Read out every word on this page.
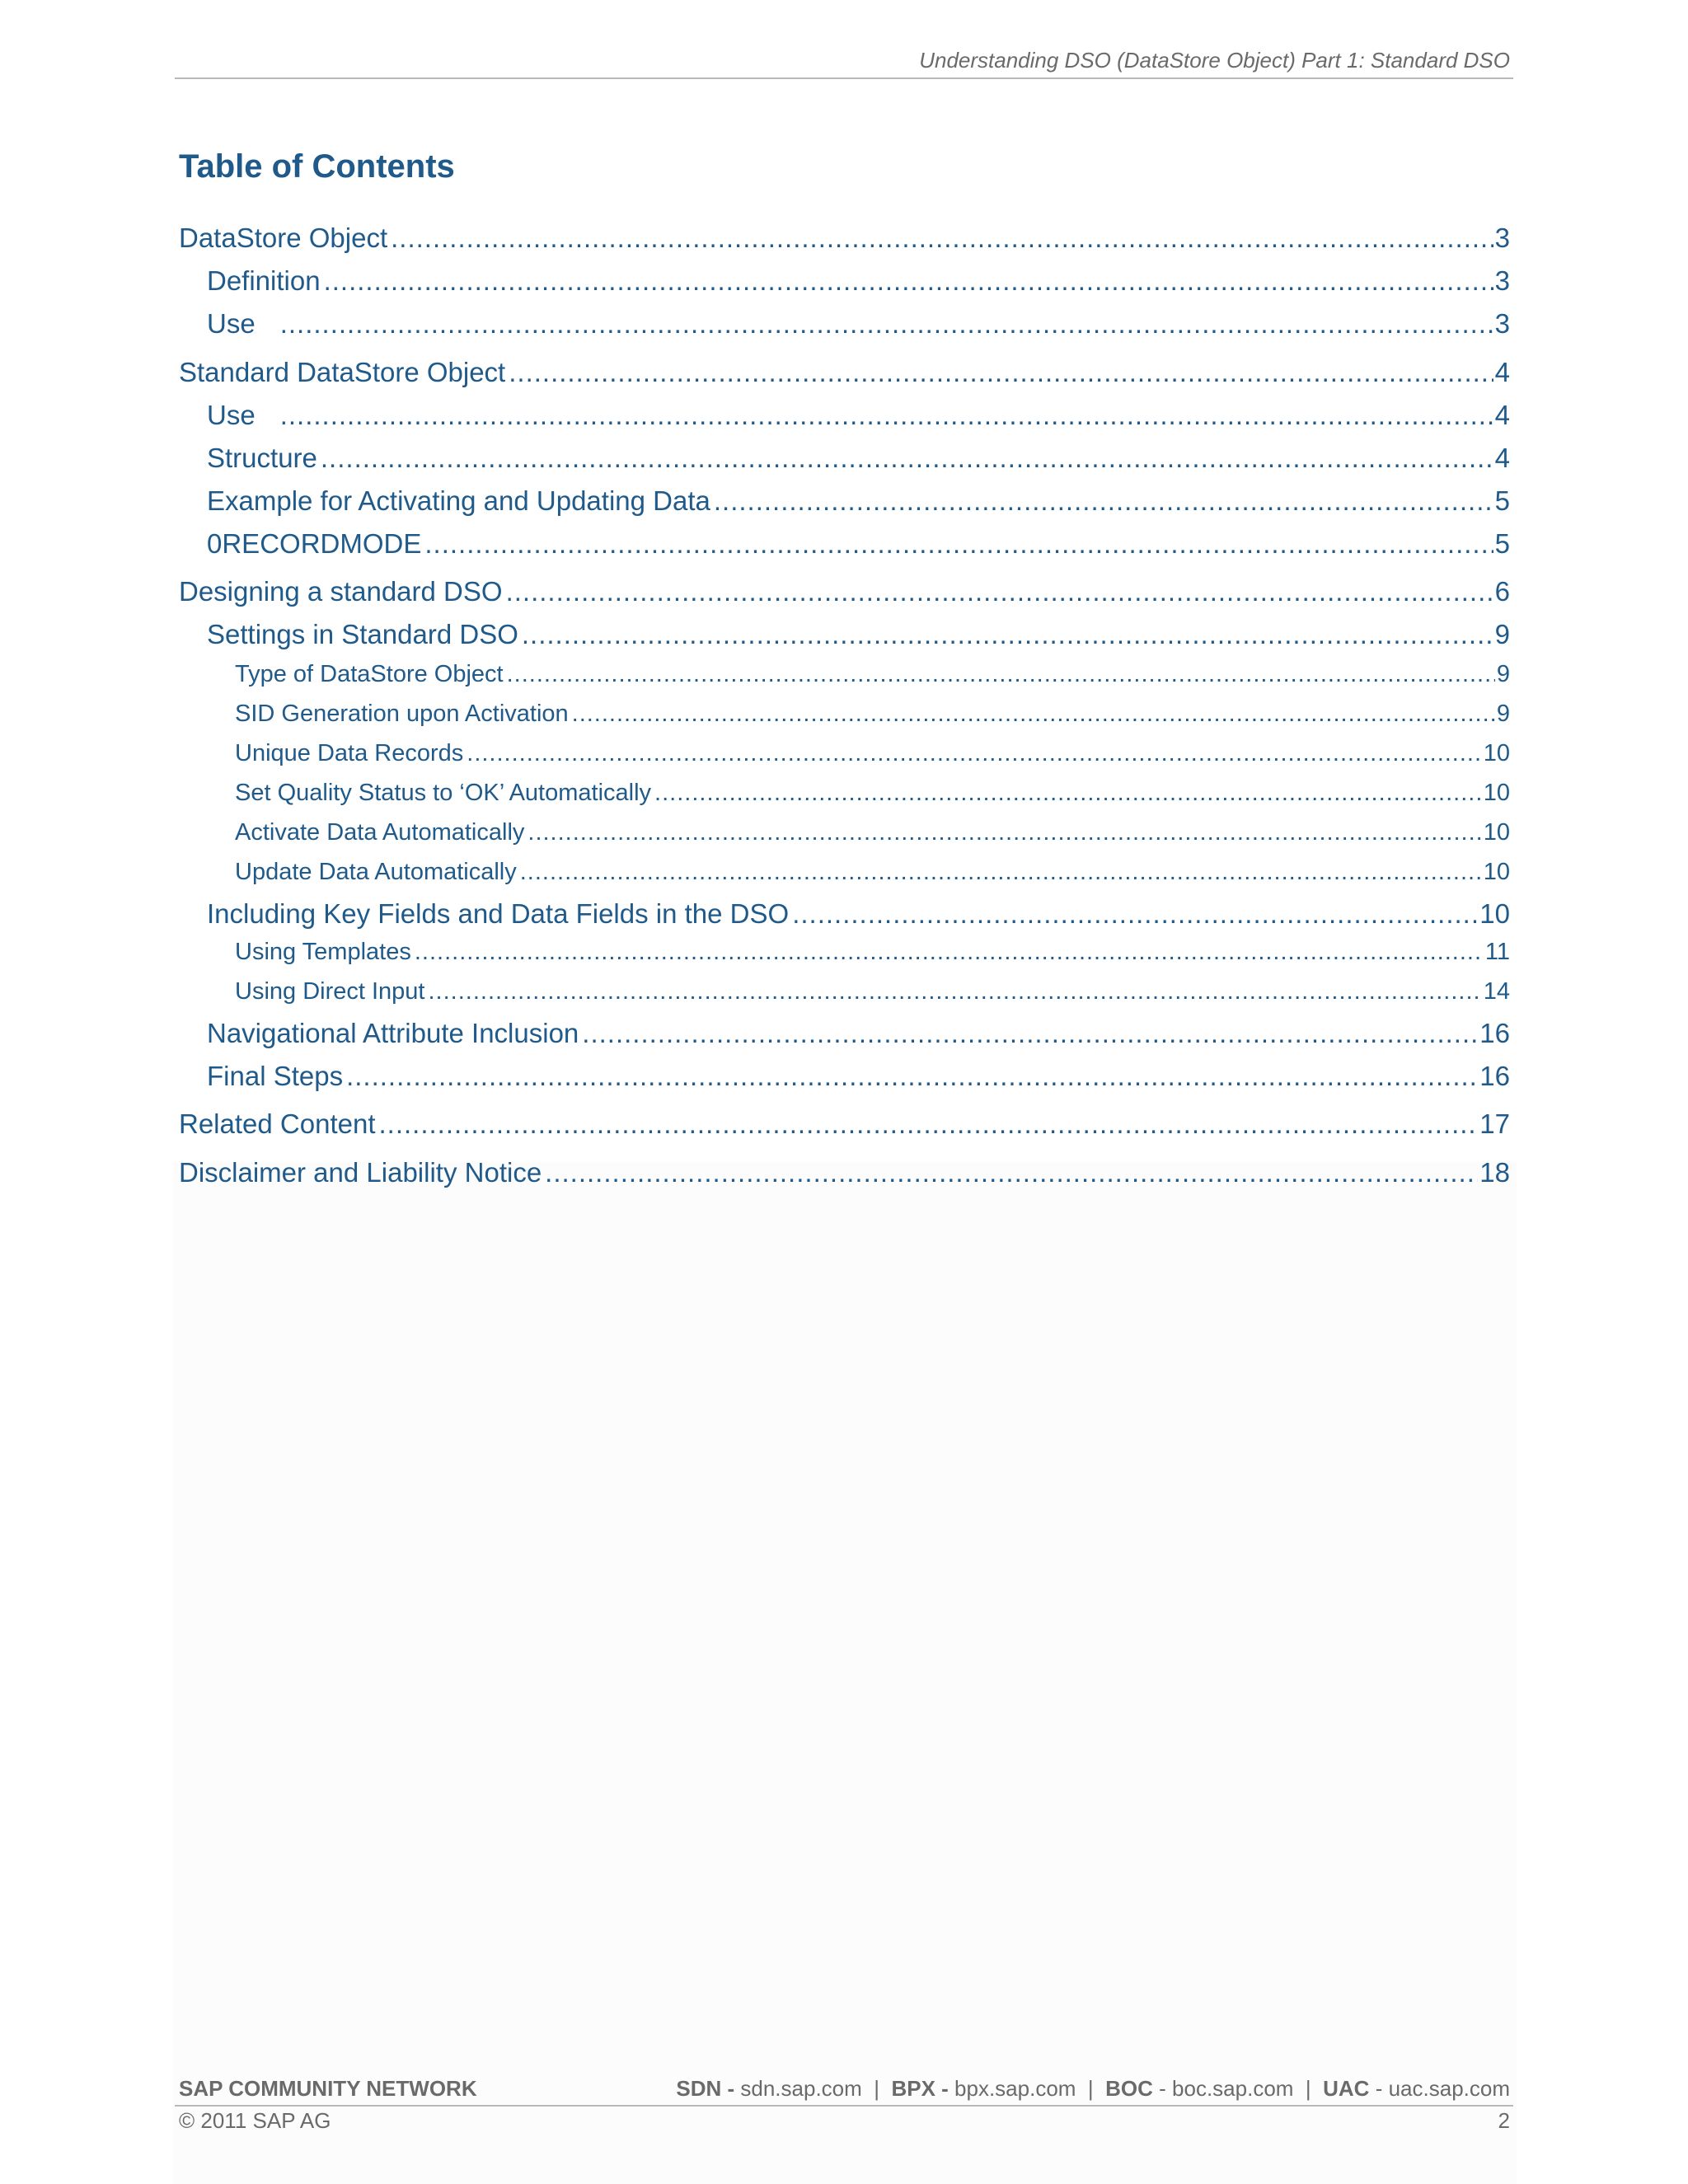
Understanding DSO (DataStore Object) Part 1: Standard DSO
Table of Contents
DataStore Object .....	3
Definition .....	3
Use .....	3
Standard DataStore Object .....	4
Use .....	4
Structure .....	4
Example for Activating and Updating Data .....	5
0RECORDMODE .....	5
Designing a standard DSO .....	6
Settings in Standard DSO .....	9
Type of DataStore Object .....	9
SID Generation upon Activation .....	9
Unique Data Records .....	10
Set Quality Status to ‘OK’ Automatically .....	10
Activate Data Automatically .....	10
Update Data Automatically .....	10
Including Key Fields and Data Fields in the DSO .....	10
Using Templates .....	11
Using Direct Input .....	14
Navigational Attribute Inclusion .....	16
Final Steps .....	16
Related Content .....	17
Disclaimer and Liability Notice .....	18
SAP COMMUNITY NETWORK	SDN - sdn.sap.com | BPX - bpx.sap.com | BOC - boc.sap.com | UAC - uac.sap.com
© 2011 SAP AG	2
